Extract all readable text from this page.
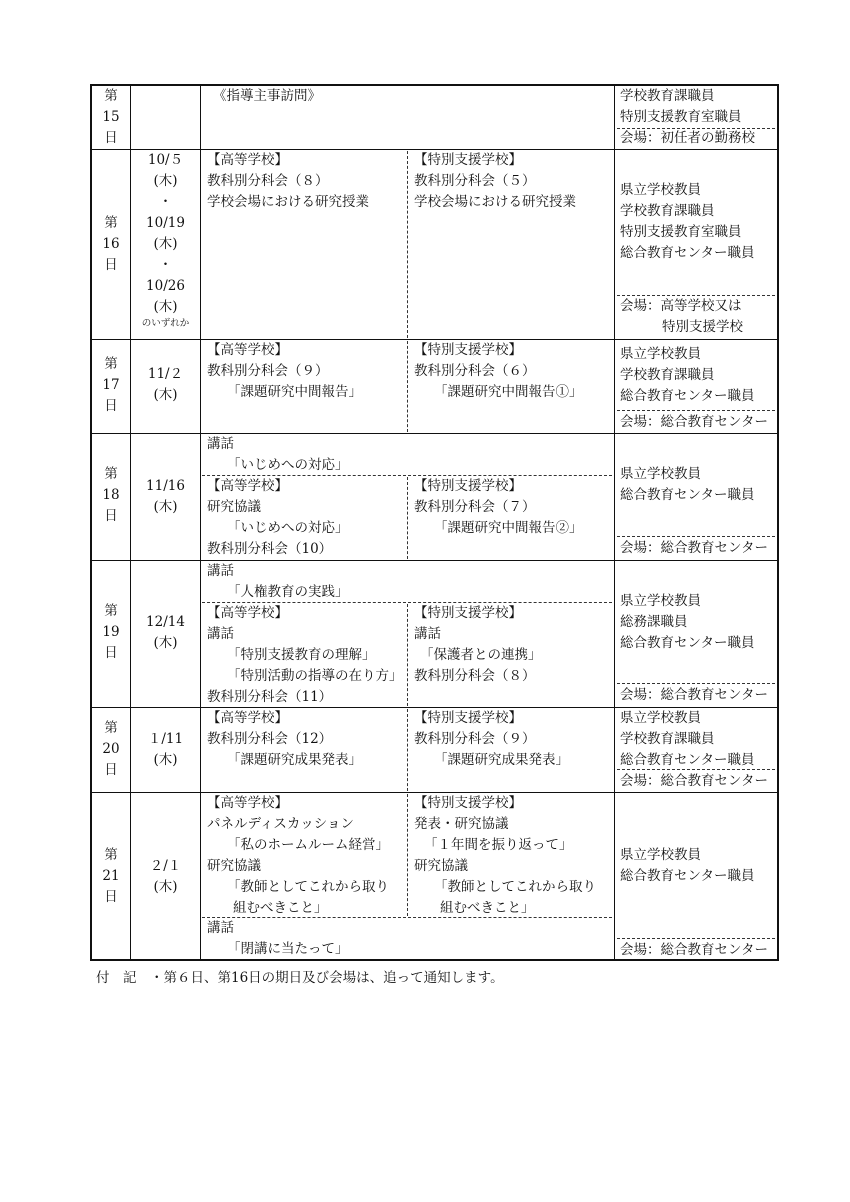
第
15
日
《指導主事訪問》	学校教育課職員
特別支援教育室職員
会場：初任者の勤務校
第
16
日
10/５
(木)
・
10/19
(木)
・
10/26
(木)
のいずれか
【高等学校】
教科別分科会（８）
学校会場における研究授業
【特別支援学校】
教科別分科会（５）
学校会場における研究授業
県立学校教員
学校教育課職員
特別支援教育室職員
総合教育センター職員
会場：高等学校又は
特別支援学校
第
17
日
11/２
(木)
【高等学校】
教科別分科会（９）
「課題研究中間報告」
【特別支援学校】
教科別分科会（６）
「課題研究中間報告①」
県立学校教員
学校教育課職員
総合教育センター職員
会場：総合教育センター
第
18
日
11/16
(木)
講話
「いじめへの対応」
【高等学校】
研究協議
「いじめへの対応」
教科別分科会（10）
【特別支援学校】
教科別分科会（７）
「課題研究中間報告②」
県立学校教員
総合教育センター職員
会場：総合教育センター
第
19
日
12/14
(木)
講話
「人権教育の実践」
【高等学校】
講話
「特別支援教育の理解」
「特別活動の指導の在り方」
教科別分科会（11）
【特別支援学校】
講話
「保護者との連携」
教科別分科会（８）
県立学校教員
総務課職員
総合教育センター職員
会場：総合教育センター
第
20
日
１/11
(木)
【高等学校】
教科別分科会（12）
「課題研究成果発表」
【特別支援学校】
教科別分科会（９）
「課題研究成果発表」
県立学校教員
学校教育課職員
総合教育センター職員
会場：総合教育センター
第
21
日
２/１
(木)
【高等学校】
パネルディスカッション
「私のホームルーム経営」
研究協議
「教師としてこれから取り
組むべきこと」
【特別支援学校】
発表・研究協議
「１年間を振り返って」
研究協議
「教師としてこれから取り
組むべきこと」
講話
「閉講に当たって」
県立学校教員
総合教育センター職員
会場：総合教育センター
付　記　・第６日、第16日の期日及び会場は、追って通知します。
